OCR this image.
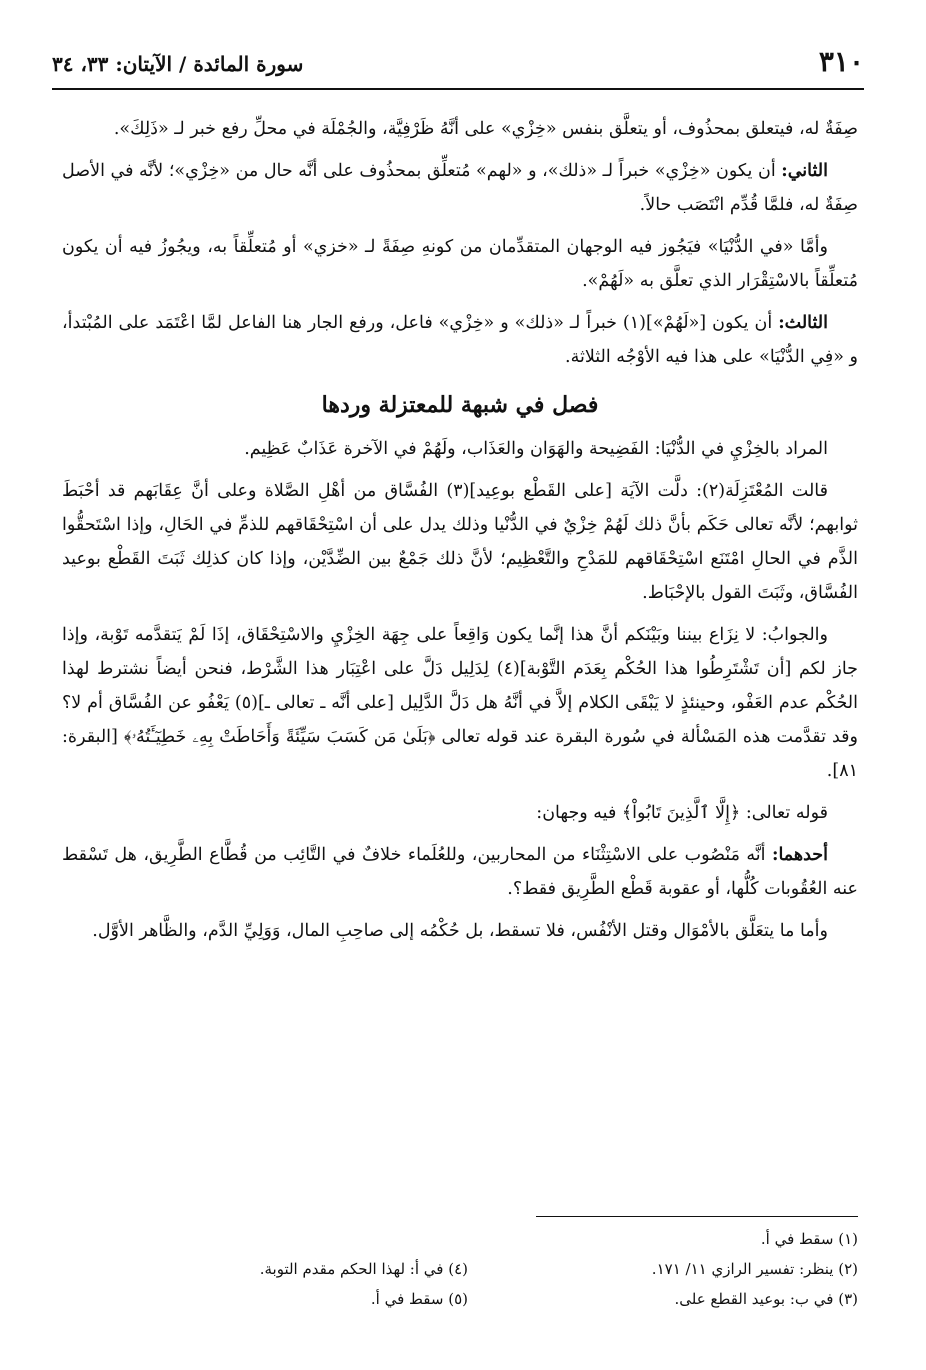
٣١٠
سورة المائدة / الآيتان: ٣٣، ٣٤

صِفَةٌ له، فيتعلق بمحذُوف، أو يتعلَّق بنفس «خِزْي» على أنَّهُ ظَرْفِيَّة، والجُمْلَة في محلِّ رفع خبر لـ «ذَلِكَ».

الثاني: أن يكون «خِزْي» خبراً لـ «ذلك»، و «لهم» مُتعلِّق بمحذُوف على أنَّه حال من «خِزْي»؛ لأنَّه في الأصل صِفَةٌ له، فلمَّا قُدِّم انْتَصَب حالاً.

وأمَّا «في الدُّنْيَا» فيَجُوز فيه الوجهان المتقدِّمان من كونهِ صِفَةً لـ «خزي» أو مُتعلِّقاً به، ويجُوزُ فيه أن يكون مُتعلِّقاً بالاسْتِقْرَار الذي تعلَّق به «لَهُمْ».

الثالث: أن يكون [«لَهُمْ»](١) خبراً لـ «ذلك» و «خِزْي» فاعل، ورفع الجار هنا الفاعل لمَّا اعْتَمَد على المُبْتدأ، و «فِي الدُّنْيَا» على هذا فيه الأوْجُه الثلاثة.

فصل في شبهة للمعتزلة وردها

المراد بالخِزْيِ في الدُّنْيَا: الفَضِيحة والهَوَان والعَذَاب، ولَهُمْ في الآخرة عَذَابٌ عَظِيم.

قالت المُعْتَزِلَة(٢): دلَّت الآيَة [على القَطْع بوعِيد](٣) الفُسَّاق من أهْلِ الصَّلاة وعلى أنَّ عِقَابَهم قد أحْبَطَ ثوابهم؛ لأنَّه تعالى حَكَم بأنَّ ذلك لَهُمْ خِزْيٌ في الدُّنْيا وذلك يدل على أن اسْتِحْقَاقهم للذمِّ في الحَالِ، وإذا اسْتَحقُّوا الذَّم في الحالِ امْتَنَع اسْتِحْقَاقهم للمَدْحِ والتَّعْظِيم؛ لأنَّ ذلك جَمْعٌ بين الضِّدَّيْن، وإذا كان كذلِك ثَبَتَ القَطْع بوعيد الفُسَّاق، وثَبَتَ القول بالإحْبَاط.

والجوابُ: لا نِزَاع بيننا وبَيْنَكم أنَّ هذا إنَّما يكون وَاقِعاً على جِهَة الخِزْيِ والاسْتِحْقَاق، إذَا لَمْ يَتقدَّمه تَوْبة، وإذا جاز لكم [أن تَشْتَرِطُوا هذا الحُكْم بِعَدَم التَّوْبة](٤) لِدَلِيل دَلَّ على اعْتِبَار هذا الشَّرْط، فنحن أيضاً نشترط لهذا الحُكْم عدم العَفْو، وحينئذٍ لا يَبْقَى الكلام إلاَّ في أنَّهُ هل دَلَّ الدَّلِيل [على أنَّه ـ تعالى ـ](٥) يَعْفُو عن الفُسَّاق أم لا؟ وقد تقدَّمت هذه المَسْألة في سُورة البقرة عند قوله تعالى ﴿بَلَىٰ مَن كَسَبَ سَيِّئَةً وَأَحَاطَتْ بِهِۦ خَطِيٓـَٔتُهُۥ﴾ [البقرة: ٨١].

قوله تعالى: ﴿إِلَّا ٱلَّذِينَ تَابُواْ﴾ فيه وجهان:

أحدهما: أنَّه مَنْصُوب على الاسْتِثْنَاء من المحاربين، وللعُلَماء خلافٌ في التَّائِب من قُطَّاع الطَّرِيق، هل تَسْقط عنه العُقُوبات كُلُّها، أو عقوبة قَطْع الطَّرِيق فقط؟.

وأما ما يتعَلَّق بالأمْوَال وقتل الأنْفُس، فلا تسقط، بل حُكْمُه إلى صاحِبِ المال، وَوَلِيِّ الدَّم، والظَّاهر الأوَّل.

(١) سقط في أ.
(٢) ينظر: تفسير الرازي ١١/ ١٧١.
(٣) في ب: بوعيد القطع على.
(٤) في أ: لهذا الحكم مقدم التوبة.
(٥) سقط في أ.
